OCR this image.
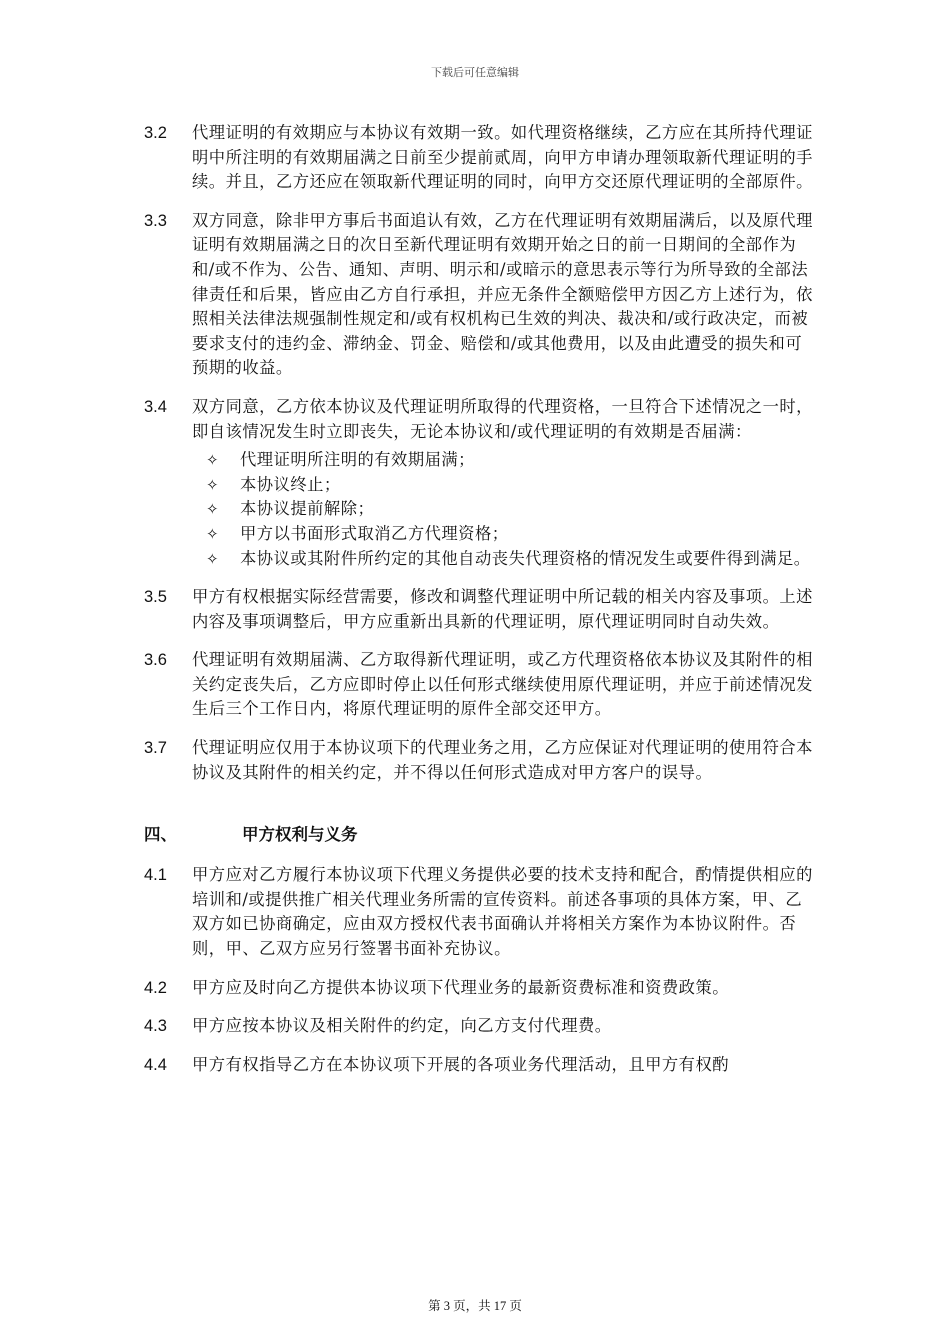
下载后可任意编辑
3.2 代理证明的有效期应与本协议有效期一致。如代理资格继续，乙方应在其所持代理证明中所注明的有效期届满之日前至少提前贰周，向甲方申请办理领取新代理证明的手续。并且，乙方还应在领取新代理证明的同时，向甲方交还原代理证明的全部原件。
3.3 双方同意，除非甲方事后书面追认有效，乙方在代理证明有效期届满后，以及原代理证明有效期届满之日的次日至新代理证明有效期开始之日的前一日期间的全部作为和/或不作为、公告、通知、声明、明示和/或暗示的意思表示等行为所导致的全部法律责任和后果，皆应由乙方自行承担，并应无条件全额赔偿甲方因乙方上述行为，依照相关法律法规强制性规定和/或有权机构已生效的判决、裁决和/或行政决定，而被要求支付的违约金、滞纳金、罚金、赔偿和/或其他费用，以及由此遭受的损失和可预期的收益。
3.4 双方同意，乙方依本协议及代理证明所取得的代理资格，一旦符合下述情况之一时，即自该情况发生时立即丧失，无论本协议和/或代理证明的有效期是否届满：
✧ 代理证明所注明的有效期届满；
✧ 本协议终止；
✧ 本协议提前解除；
✧ 甲方以书面形式取消乙方代理资格；
✧ 本协议或其附件所约定的其他自动丧失代理资格的情况发生或要件得到满足。
3.5 甲方有权根据实际经营需要，修改和调整代理证明中所记载的相关内容及事项。上述内容及事项调整后，甲方应重新出具新的代理证明，原代理证明同时自动失效。
3.6 代理证明有效期届满、乙方取得新代理证明，或乙方代理资格依本协议及其附件的相关约定丧失后，乙方应即时停止以任何形式继续使用原代理证明，并应于前述情况发生后三个工作日内，将原代理证明的原件全部交还甲方。
3.7 代理证明应仅用于本协议项下的代理业务之用，乙方应保证对代理证明的使用符合本协议及其附件的相关约定，并不得以任何形式造成对甲方客户的误导。
四、	甲方权利与义务
4.1 甲方应对乙方履行本协议项下代理义务提供必要的技术支持和配合，酌情提供相应的培训和/或提供推广相关代理业务所需的宣传资料。前述各事项的具体方案，甲、乙双方如已协商确定，应由双方授权代表书面确认并将相关方案作为本协议附件。否则，甲、乙双方应另行签署书面补充协议。
4.2 甲方应及时向乙方提供本协议项下代理业务的最新资费标准和资费政策。
4.3 甲方应按本协议及相关附件的约定，向乙方支付代理费。
4.4 甲方有权指导乙方在本协议项下开展的各项业务代理活动，且甲方有权酌
第 3 页，共 17 页
